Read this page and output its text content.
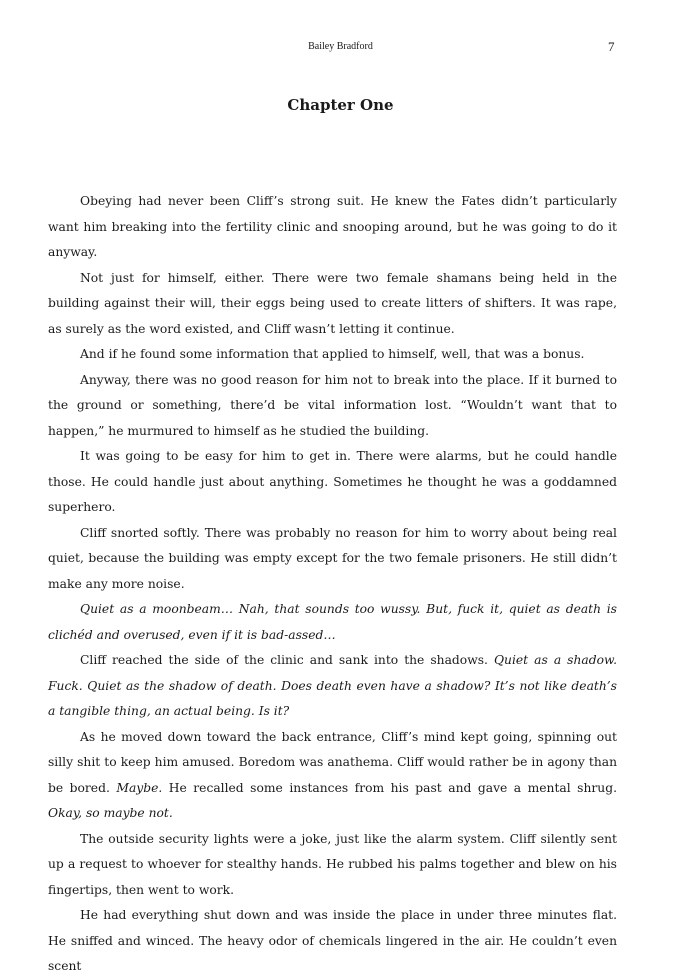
Bailey Bradford	7
Chapter One

Obeying had never been Cliff’s strong suit. He knew the Fates didn’t particularly want him breaking into the fertility clinic and snooping around, but he was going to do it anyway.

Not just for himself, either. There were two female shamans being held in the building against their will, their eggs being used to create litters of shifters. It was rape, as surely as the word existed, and Cliff wasn’t letting it continue.

And if he found some information that applied to himself, well, that was a bonus.

Anyway, there was no good reason for him not to break into the place. If it burned to the ground or something, there’d be vital information lost. “Wouldn’t want that to happen,” he murmured to himself as he studied the building.

It was going to be easy for him to get in. There were alarms, but he could handle those. He could handle just about anything. Sometimes he thought he was a goddamned superhero.

Cliff snorted softly. There was probably no reason for him to worry about being real quiet, because the building was empty except for the two female prisoners. He still didn’t make any more noise.

Quiet as a moonbeam… Nah, that sounds too wussy. But, fuck it, quiet as death is clichéd and overused, even if it is bad-assed…

Cliff reached the side of the clinic and sank into the shadows. Quiet as a shadow. Fuck. Quiet as the shadow of death. Does death even have a shadow? It’s not like death’s a tangible thing, an actual being. Is it?

As he moved down toward the back entrance, Cliff’s mind kept going, spinning out silly shit to keep him amused. Boredom was anathema. Cliff would rather be in agony than be bored. Maybe. He recalled some instances from his past and gave a mental shrug. Okay, so maybe not.

The outside security lights were a joke, just like the alarm system. Cliff silently sent up a request to whoever for stealthy hands. He rubbed his palms together and blew on his fingertips, then went to work.

He had everything shut down and was inside the place in under three minutes flat. He sniffed and winced. The heavy odor of chemicals lingered in the air. He couldn’t even scent
